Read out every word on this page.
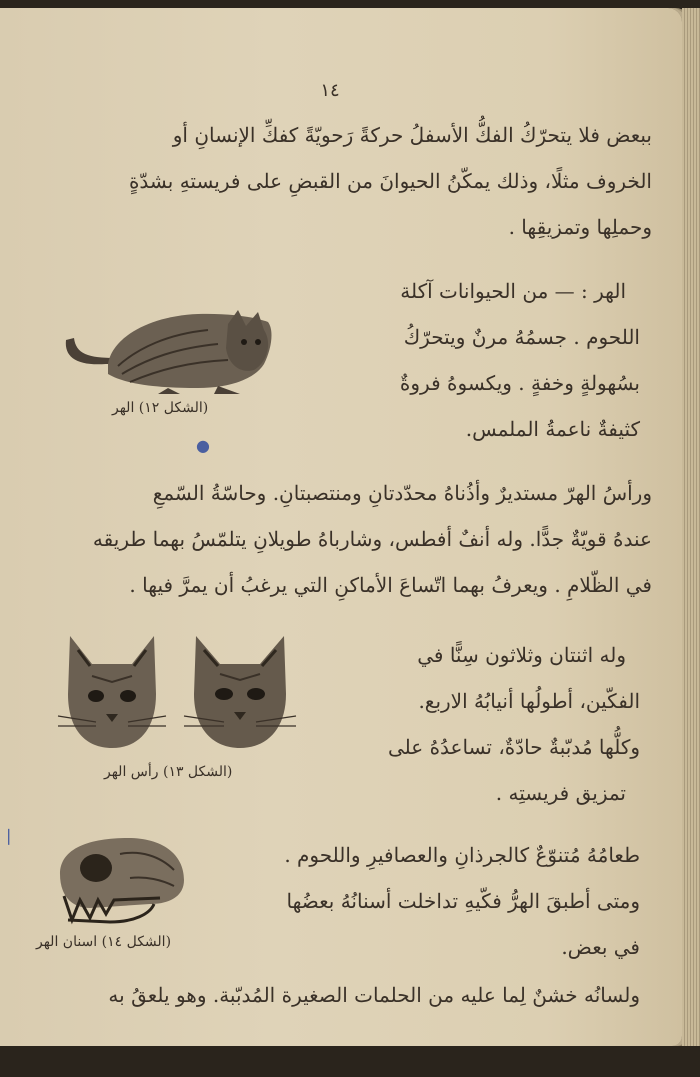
١٤
ببعض فلا يتحرّكُ الفكُّ الأسفلُ حركةً رَحويّةً كفكِّ الإنسانِ أو
الخروف مثلًا، وذلك يمكّنُ الحيوانَ من القبضِ على فريستهِ بشدّةٍ
وحملِها وتمزيقِها .
الهر : — من الحيوانات آكلة
اللحوم . جسمُهُ مرنٌ ويتحرّكُ
بسُهولةٍ وخفةٍ . ويكسوهُ فروةٌ
كثيفةٌ ناعمةُ الملمس.
(الشكل ١٢) الهر
●
ورأسُ الهرّ مستديرٌ وأذُناهُ محدّدتانِ ومنتصبتانِ. وحاسّةُ السّمعِ
عندهُ قويّةٌ جدًّا. وله أنفٌ أفطس، وشارباهُ طويلانِ يتلمّسُ بهما طريقه
في الظّلامِ . ويعرفُ بهما اتّساعَ الأماكنِ التي يرغبُ أن يمرَّ فيها .
وله اثنتان وثلاثون سِنًّا في
الفكّين، أطولُها أنيابُهُ الاربع.
وكلُّها مُدبّبةٌ حادّةٌ، تساعدُهُ على
تمزيق فريستِه .
(الشكل ١٣) رأس الهر
❘
طعامُهُ مُتنوّعٌ كالجرذانِ والعصافيرِ واللحوم .
ومتى أطبقَ الهرُّ فكّيهِ تداخلت أسنانُهُ بعضُها
في بعض.
(الشكل ١٤) اسنان الهر
ولسانُه خشنٌ لِما عليه من الحلمات الصغيرة المُدبّبة. وهو يلعقُ به
